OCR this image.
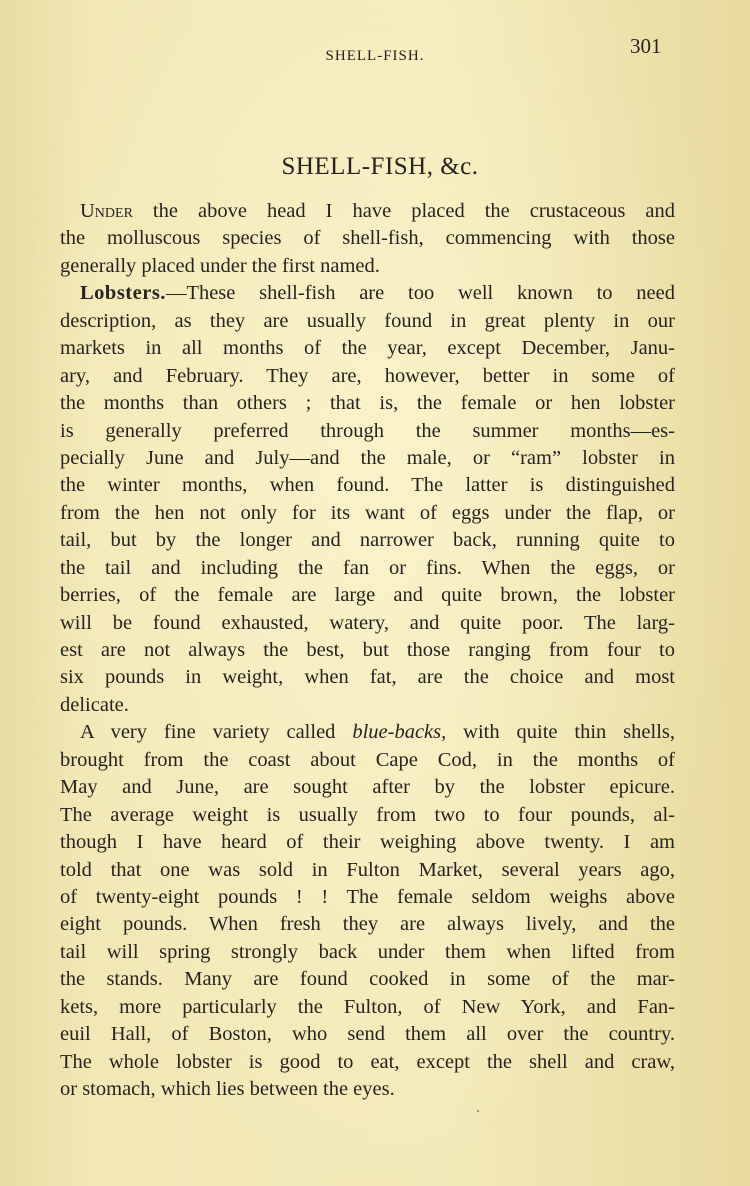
SHELL-FISH.	301
SHELL-FISH, &c.
Under the above head I have placed the crustaceous and
the molluscous species of shell-fish, commencing with those
generally placed under the first named.
Lobsters.—These shell-fish are too well known to need
description, as they are usually found in great plenty in our
markets in all months of the year, except December, Janu-
ary, and February. They are, however, better in some of
the months than others ; that is, the female or hen lobster
is generally preferred through the summer months—es-
pecially June and July—and the male, or “ram” lobster in
the winter months, when found. The latter is distinguished
from the hen not only for its want of eggs under the flap, or
tail, but by the longer and narrower back, running quite to
the tail and including the fan or fins. When the eggs, or
berries, of the female are large and quite brown, the lobster
will be found exhausted, watery, and quite poor. The larg-
est are not always the best, but those ranging from four to
six pounds in weight, when fat, are the choice and most
delicate.
A very fine variety called blue-backs, with quite thin shells,
brought from the coast about Cape Cod, in the months of
May and June, are sought after by the lobster epicure.
The average weight is usually from two to four pounds, al-
though I have heard of their weighing above twenty. I am
told that one was sold in Fulton Market, several years ago,
of twenty-eight pounds ! ! The female seldom weighs above
eight pounds. When fresh they are always lively, and the
tail will spring strongly back under them when lifted from
the stands. Many are found cooked in some of the mar-
kets, more particularly the Fulton, of New York, and Fan-
euil Hall, of Boston, who send them all over the country.
The whole lobster is good to eat, except the shell and craw,
or stomach, which lies between the eyes.
